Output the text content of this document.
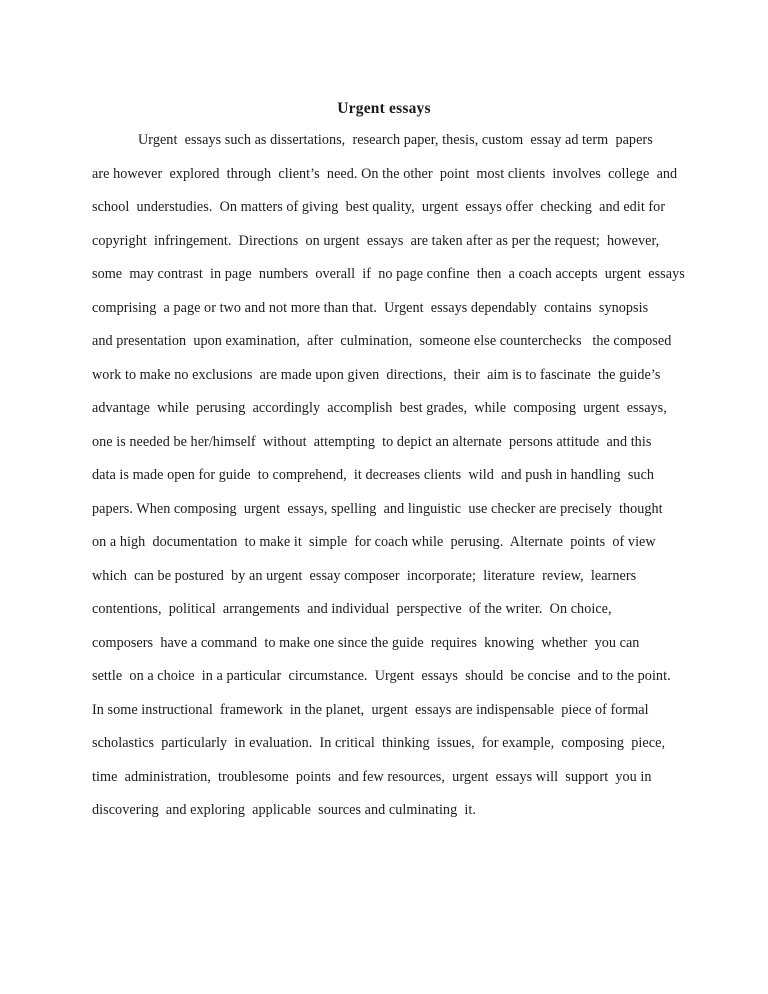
Urgent essays
Urgent  essays such as dissertations,  research paper, thesis, custom  essay ad term  papers
are however  explored  through  client’s  need. On the other  point  most clients  involves  college  and
school  understudies.  On matters of giving  best quality,  urgent  essays offer  checking  and edit for
copyright  infringement.  Directions  on urgent  essays  are taken after as per the request;  however,
some  may contrast  in page  numbers  overall  if  no page confine  then  a coach accepts  urgent  essays
comprising  a page or two and not more than that.  Urgent  essays dependably  contains  synopsis
and presentation  upon examination,  after  culmination,  someone else counterchecks   the composed
work to make no exclusions  are made upon given  directions,  their  aim is to fascinate  the guide’s
advantage  while  perusing  accordingly  accomplish  best grades,  while  composing  urgent  essays,
one is needed be her/himself  without  attempting  to depict an alternate  persons attitude  and this
data is made open for guide  to comprehend,  it decreases clients  wild  and push in handling  such
papers. When composing  urgent  essays, spelling  and linguistic  use checker are precisely  thought
on a high  documentation  to make it  simple  for coach while  perusing.  Alternate  points  of view
which  can be postured  by an urgent  essay composer  incorporate;  literature  review,  learners
contentions,  political  arrangements  and individual  perspective  of the writer.  On choice,
composers  have a command  to make one since the guide  requires  knowing  whether  you can
settle  on a choice  in a particular  circumstance.  Urgent  essays  should  be concise  and to the point.
In some instructional  framework  in the planet,  urgent  essays are indispensable  piece of formal
scholastics  particularly  in evaluation.  In critical  thinking  issues,  for example,  composing  piece,
time  administration,  troublesome  points  and few resources,  urgent  essays will  support  you in
discovering  and exploring  applicable  sources and culminating  it.
